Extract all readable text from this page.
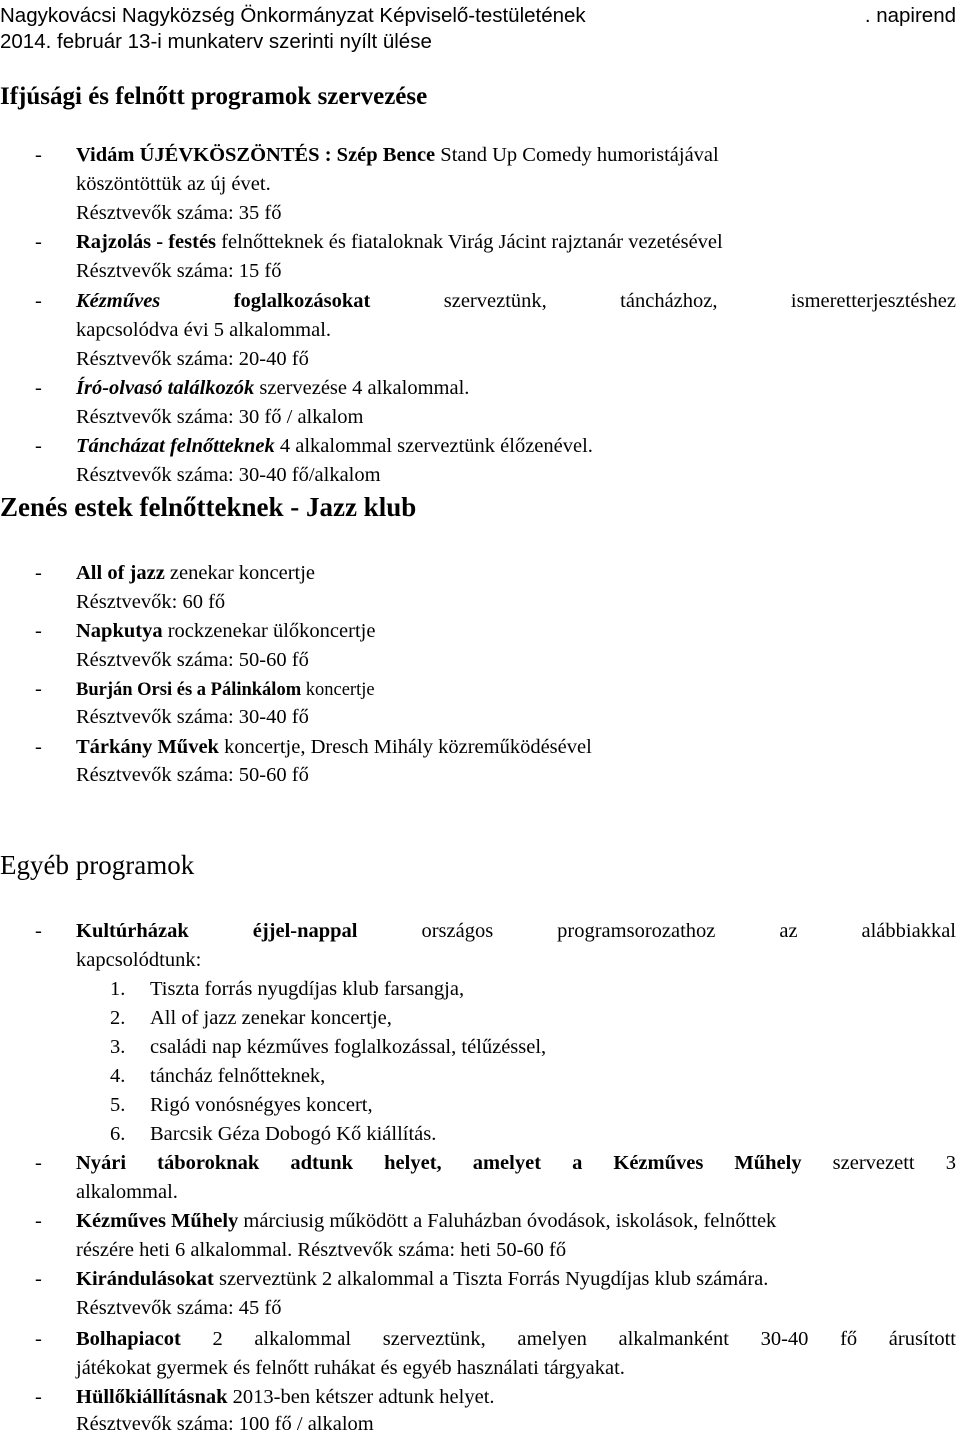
Nagykovácsi Nagyközség Önkormányzat Képviselő-testületének	. napirend
2014. február 13-i munkaterv szerinti nyílt ülése
Ifjúsági és felnőtt programok szervezése
- Vidám ÚJÉVKÖSZÖNTÉS : Szép Bence Stand Up Comedy humoristájával
köszöntöttük az új évet.
Résztvevők száma: 35 fő
- Rajzolás - festés felnőtteknek és fiataloknak Virág Jácint rajztanár vezetésével
Résztvevők száma: 15 fő
- Kézműves	foglalkozásokat	szerveztünk,	táncházhoz,	ismeretterjesztéshez
kapcsolódva évi 5 alkalommal.
Résztvevők száma: 20-40 fő
- Író-olvasó találkozók szervezése 4 alkalommal.
Résztvevők száma: 30 fő / alkalom
- Táncházat felnőtteknek 4 alkalommal szerveztünk élőzenével.
Résztvevők száma: 30-40 fő/alkalom
Zenés estek felnőtteknek - Jazz klub
- All of jazz zenekar koncertje
Résztvevők: 60 fő
- Napkutya rockzenekar ülőkoncertje
Résztvevők száma: 50-60 fő
- Burján Orsi és a Pálinkálom koncertje
Résztvevők száma: 30-40 fő
- Tárkány Művek koncertje, Dresch Mihály közreműködésével
Résztvevők száma: 50-60 fő
Egyéb programok
- Kultúrházak	éjjel-nappal	országos	programsorozathoz	az	alábbiakkal
kapcsolódtunk:
1. Tiszta forrás nyugdíjas klub farsangja,
2. All of jazz zenekar koncertje,
3. családi nap kézműves foglalkozással, télűzéssel,
4. táncház felnőtteknek,
5. Rigó vonósnégyes koncert,
6. Barcsik Géza Dobogó Kő kiállítás.
- Nyári táboroknak adtunk helyet, amelyet a Kézműves Műhely szervezett 3
alkalommal.
- Kézműves Műhely márciusig működött a Faluházban óvodások, iskolások, felnőttek
részére heti 6 alkalommal. Résztvevők száma: heti 50-60 fő
- Kirándulásokat szerveztünk 2 alkalommal a Tiszta Forrás Nyugdíjas klub számára.
Résztvevők száma: 45 fő
- Bolhapiacot 2 alkalommal szerveztünk, amelyen alkalmanként 30-40 fő árusított
játékokat gyermek és felnőtt ruhákat és egyéb használati tárgyakat.
- Hüllőkiállításnak 2013-ben kétszer adtunk helyet.
Résztvevők száma: 100 fő / alkalom
